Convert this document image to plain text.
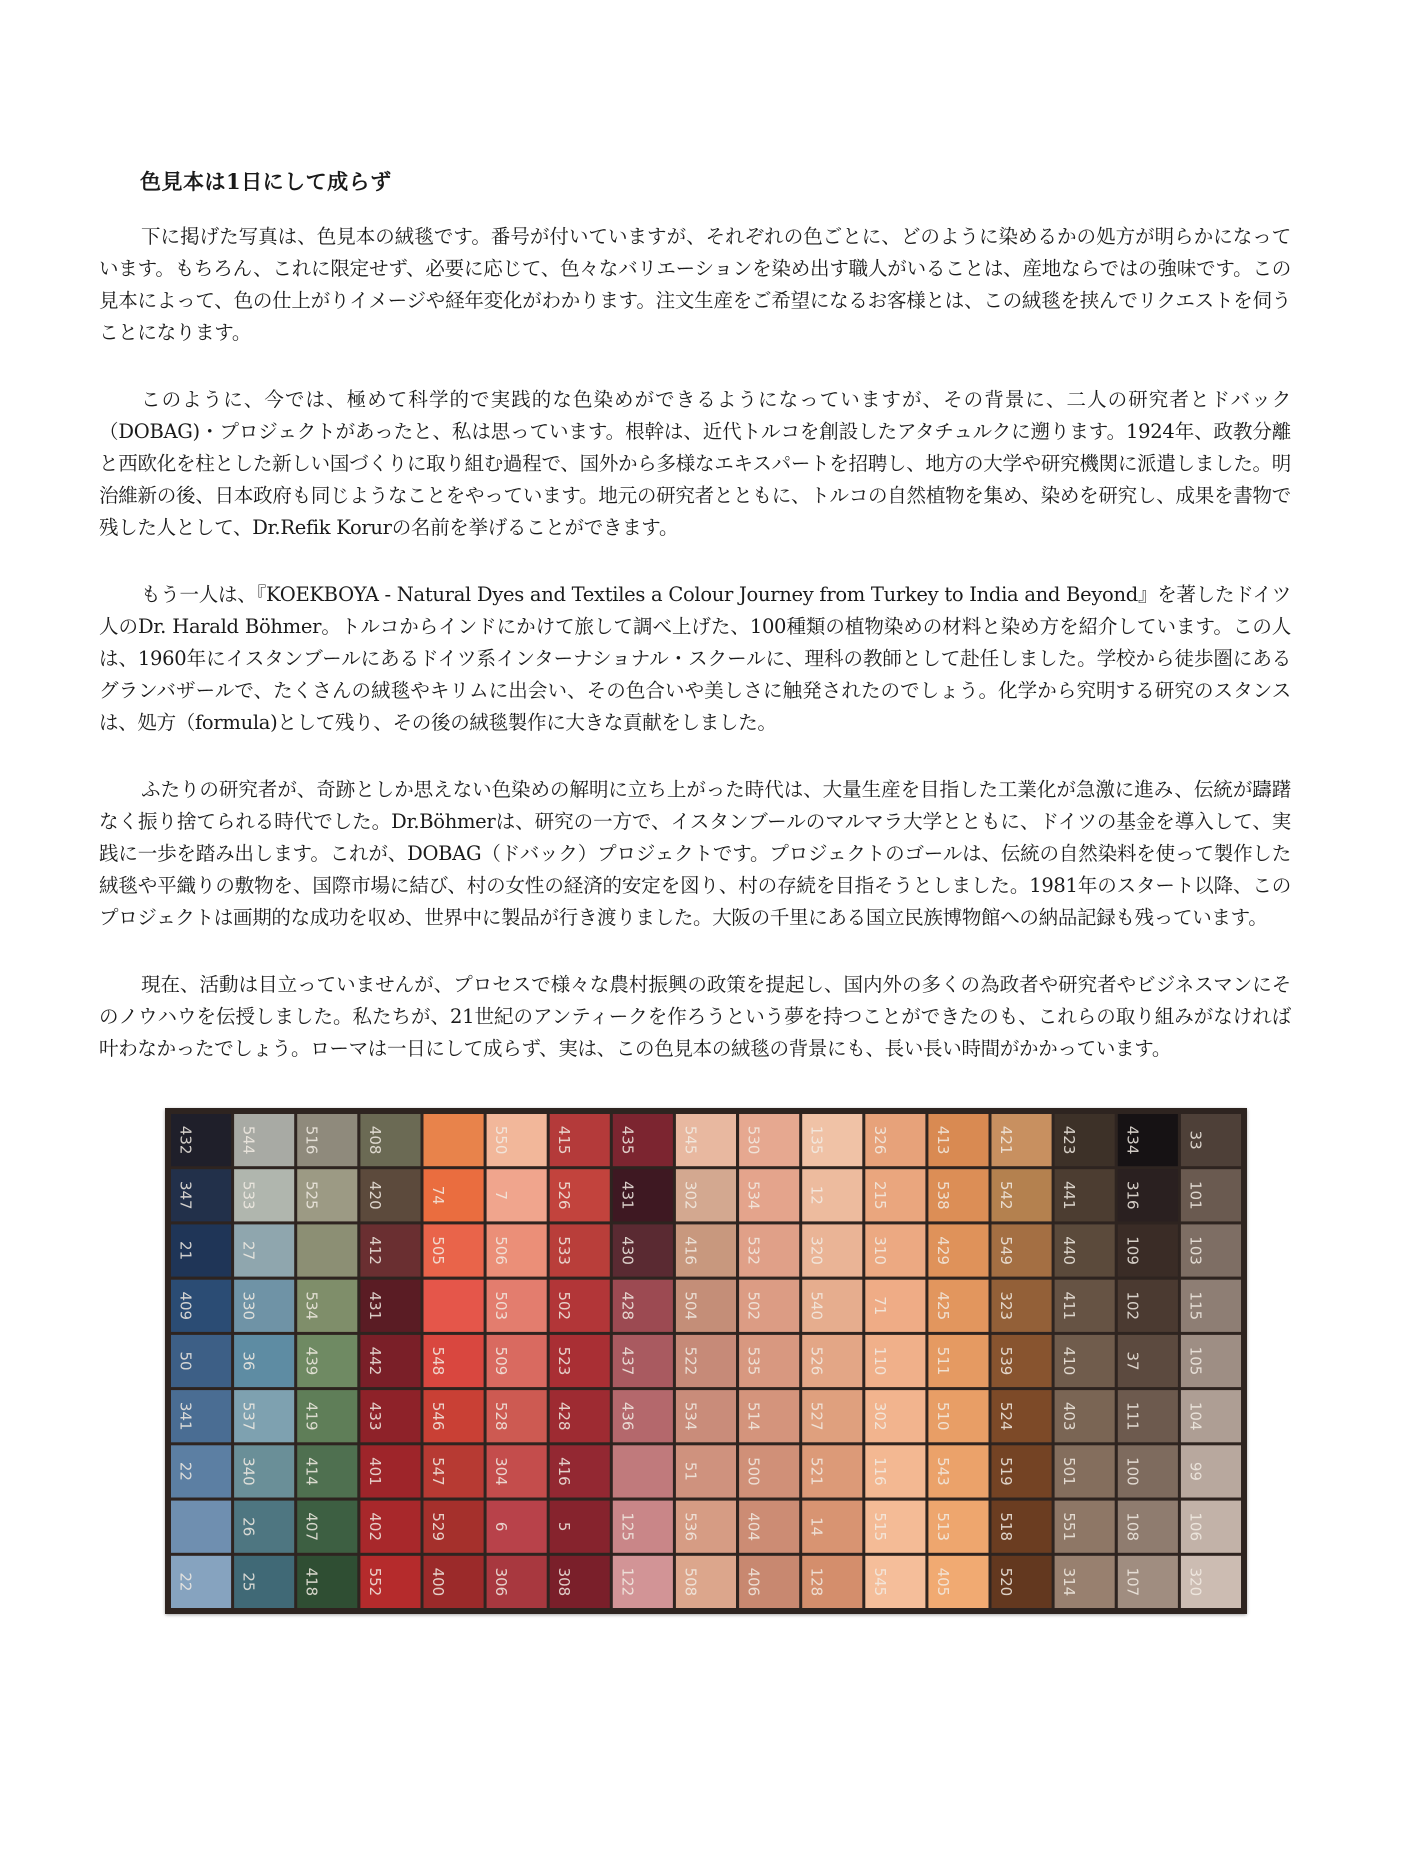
色見本は1日にして成らず

下に掲げた写真は、色見本の絨毯です。番号が付いていますが、それぞれの色ごとに、どのように染めるかの処方が明らかになっています。もちろん、これに限定せず、必要に応じて、色々なバリエーションを染め出す職人がいることは、産地ならではの強味です。この見本によって、色の仕上がりイメージや経年変化がわかります。注文生産をご希望になるお客様とは、この絨毯を挟んでリクエストを伺うことになります。

このように、今では、極めて科学的で実践的な色染めができるようになっていますが、その背景に、二人の研究者とドバック（DOBAG)・プロジェクトがあったと、私は思っています。根幹は、近代トルコを創設したアタチュルクに遡ります。1924年、政教分離と西欧化を柱とした新しい国づくりに取り組む過程で、国外から多様なエキスパートを招聘し、地方の大学や研究機関に派遣しました。明治維新の後、日本政府も同じようなことをやっています。地元の研究者とともに、トルコの自然植物を集め、染めを研究し、成果を書物で残した人として、Dr.Refik Korurの名前を挙げることができます。

もう一人は、『KOEKBOYA - Natural Dyes and Textiles a Colour Journey from Turkey to India and Beyond』を著したドイツ人のDr. Harald Böhmer。トルコからインドにかけて旅して調べ上げた、100種類の植物染めの材料と染め方を紹介しています。この人は、1960年にイスタンブールにあるドイツ系インターナショナル・スクールに、理科の教師として赴任しました。学校から徒歩圏にあるグランバザールで、たくさんの絨毯やキリムに出会い、その色合いや美しさに触発されたのでしょう。化学から究明する研究のスタンスは、処方（formula)として残り、その後の絨毯製作に大きな貢献をしました。

ふたりの研究者が、奇跡としか思えない色染めの解明に立ち上がった時代は、大量生産を目指した工業化が急激に進み、伝統が躊躇なく振り捨てられる時代でした。Dr.Böhmerは、研究の一方で、イスタンブールのマルマラ大学とともに、ドイツの基金を導入して、実践に一歩を踏み出します。これが、DOBAG（ドバック）プロジェクトです。プロジェクトのゴールは、伝統の自然染料を使って製作した絨毯や平織りの敷物を、国際市場に結び、村の女性の経済的安定を図り、村の存続を目指そうとしました。1981年のスタート以降、このプロジェクトは画期的な成功を収め、世界中に製品が行き渡りました。大阪の千里にある国立民族博物館への納品記録も残っています。

現在、活動は目立っていませんが、プロセスで様々な農村振興の政策を提起し、国内外の多くの為政者や研究者やビジネスマンにそのノウハウを伝授しました。私たちが、21世紀のアンティークを作ろうという夢を持つことができたのも、これらの取り組みがなければ叶わなかったでしょう。ローマは一日にして成らず、実は、この色見本の絨毯の背景にも、長い長い時間がかかっています。

432
347
21
409
50
341
22
22
544
533
27
330
36
537
340
26
25
516
525
534
439
419
414
407
418
408
420
412
431
442
433
401
402
552
74
505
548
546
547
529
400
550
7
506
503
509
528
304
6
306
415
526
533
502
523
428
416
5
308
435
431
430
428
437
436
125
122
545
302
416
504
522
534
51
536
508
530
534
532
502
535
514
500
404
406
135
12
320
540
526
527
521
14
128
326
215
310
71
110
302
116
515
545
413
538
429
425
511
510
543
513
405
421
542
549
323
539
524
519
518
520
423
441
440
411
410
403
501
551
314
434
316
109
102
37
111
100
108
107
33
101
103
115
105
104
99
106
320
